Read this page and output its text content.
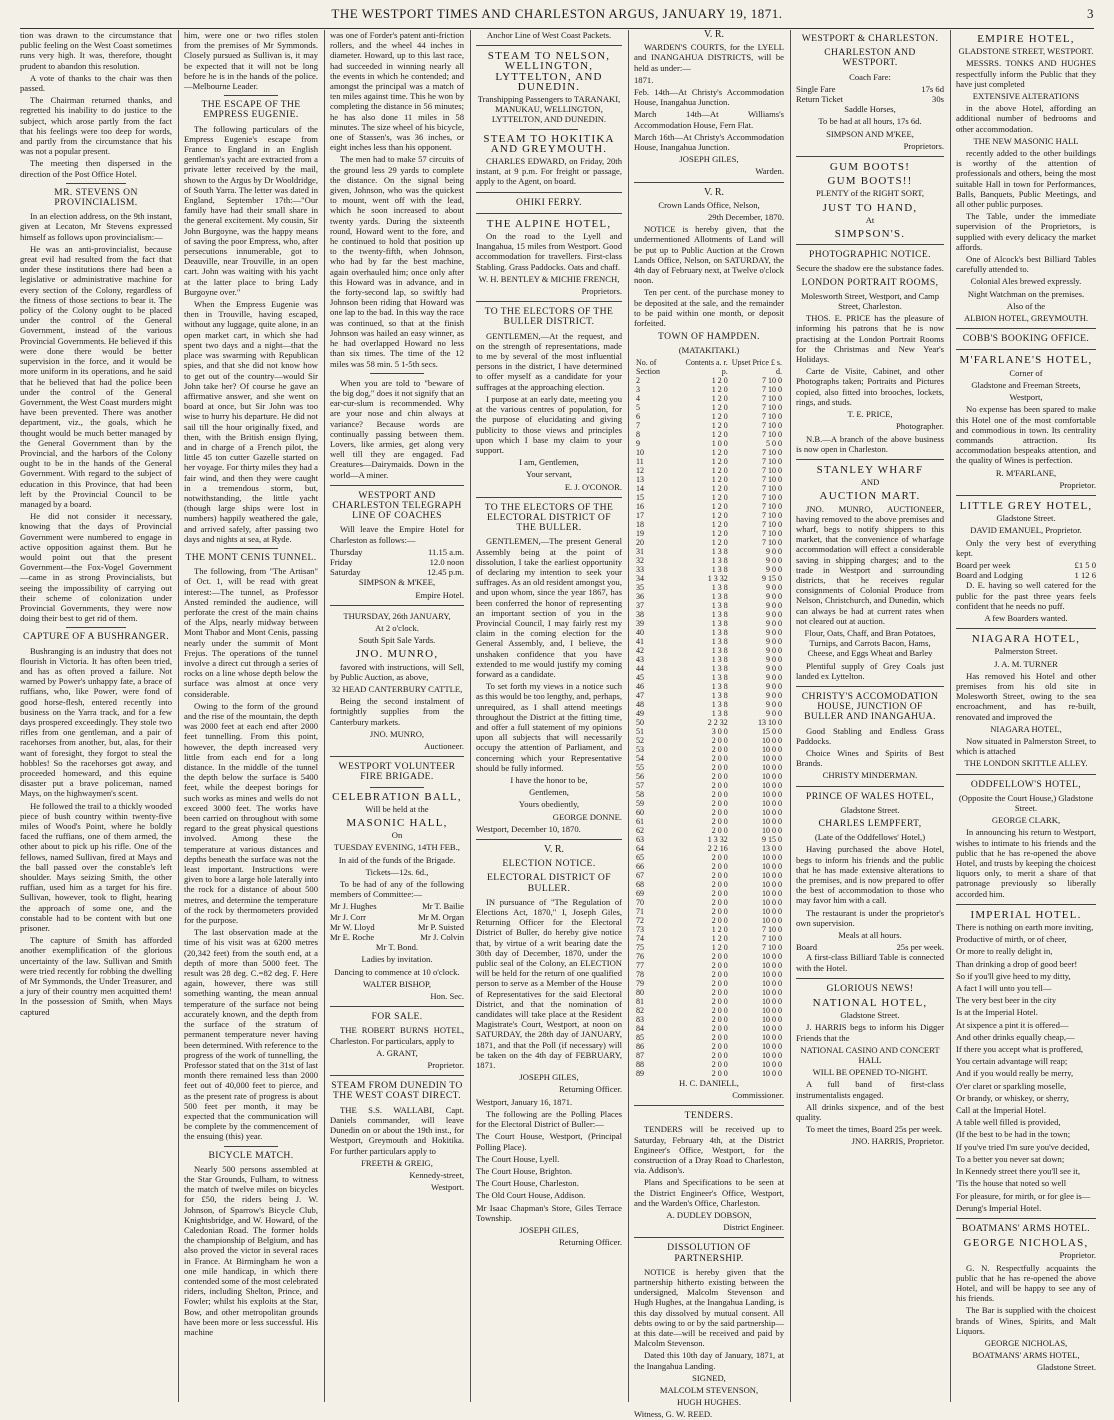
THE WESTPORT TIMES AND CHARLESTON ARGUS, JANUARY 19, 1871.	3

tion was drawn to the circumstance that public feeling on the West Coast sometimes runs very high. It was, therefore, thought prudent to abandon this resolution.

A vote of thanks to the chair was then passed.

The Chairman returned thanks, and regretted his inability to do justice to the subject, which arose partly from the fact that his feelings were too deep for words, and partly from the circumstance that his was not a popular present.

The meeting then dispersed in the direction of the Post Office Hotel.

MR. STEVENS ON PROVINCIALISM.

In an election address, on the 9th instant, given at Lecaton, Mr Stevens expressed himself as follows upon provincialism:—

He was an anti-provincialist, because great evil had resulted from the fact that under these institutions there had been a legislative or administrative machine for every section of the Colony, regardless of the fitness of those sections to bear it. The policy of the Colony ought to be placed under the control of the General Government, instead of the various Provincial Governments. He believed if this were done there would be better supervision in the force, and it would be more uniform in its operations, and he said that he believed that had the police been under the control of the General Government, the West Coast murders might have been prevented. There was another department, viz., the goals, which he thought would be much better managed by the General Government than by the Provincial, and the harbors of the Colony ought to be in the hands of the General Government. With regard to the subject of education in this Province, that had been left by the Provincial Council to be managed by a board.

He did not consider it necessary, knowing that the days of Provincial Government were numbered to engage in active opposition against them. But he would point out that the present Government—the Fox-Vogel Government—came in as strong Provincialists, but seeing the impossibility of carrying out their scheme of colonization under Provincial Governments, they were now doing their best to get rid of them.

CAPTURE OF A BUSHRANGER.

Bushranging is an industry that does not flourish in Victoria. It has often been tried, and has as often proved a failure. Not warned by Power's unhappy fate, a brace of ruffians, who, like Power, were fond of good horse-flesh, entered recently into business on the Yarra track, and for a few days prospered exceedingly. They stole two rifles from one gentleman, and a pair of racehorses from another, but, alas, for their want of foresight, they forgot to steal the hobbles! So the racehorses got away, and proceeded homeward, and this equine disaster put a brave policeman, named Mays, on the highwaymen's scent.

He followed the trail to a thickly wooded piece of bush country within twenty-five miles of Wood's Point, where he boldly faced the ruffians, one of them armed, the other about to pick up his rifle. One of the fellows, named Sullivan, fired at Mays and the ball passed over the constable's left shoulder. Mays seizing Smith, the other ruffian, used him as a target for his fire. Sullivan, however, took to flight, hearing the approach of some one, and the constable had to be content with but one prisoner.

The capture of Smith has afforded another exemplification of the glorious uncertainty of the law. Sullivan and Smith were tried recently for robbing the dwelling of Mr Symmonds, the Under Treasurer, and a jury of their country men acquitted them! In the possession of Smith, when Mays captured

him, were one or two rifles stolen from the premises of Mr Symmonds. Closely pursued as Sullivan is, it may be expected that it will not be long before he is in the hands of the police.—Melbourne Leader.

THE ESCAPE OF THE EMPRESS EUGENIE.

The following particulars of the Empress Eugenie's escape from France to England in an English gentleman's yacht are extracted from a private letter received by the mail, shown to the Argus by Dr Wooldridge, of South Yarra. The letter was dated in England, September 17th:—"Our family have had their small share in the general excitement. My cousin, Sir John Burgoyne, was the happy means of saving the poor Empress, who, after persecutions innumerable, got to Deauville, near Trouville, in an open cart. John was waiting with his yacht at the latter place to bring Lady Burgoyne over."

When the Empress Eugenie was then in Trouville, having escaped, without any luggage, quite alone, in an open market cart, in which she had spent two days and a night—that the place was swarming with Republican spies, and that she did not know how to get out of the country—would Sir John take her? Of course he gave an affirmative answer, and she went on board at once, but Sir John was too wise to hurry his departure. He did not sail till the hour originally fixed, and then, with the British ensign flying, and in charge of a French pilot, the little 45 ton cutter Gazelle started on her voyage. For thirty miles they had a fair wind, and then they were caught in a tremendous storm, but, notwithstanding, the little yacht (though large ships were lost in numbers) happily weathered the gale, and arrived safely, after passing two days and nights at sea, at Ryde.

THE MONT CENIS TUNNEL.

The following, from "The Artisan" of Oct. 1, will be read with great interest:—The tunnel, as Professor Ansted reminded the audience, will perforate the crest of the main chains of the Alps, nearly midway between Mont Thabor and Mont Cenis, passing nearly under the summit of Mont Frejus. The operations of the tunnel involve a direct cut through a series of rocks on a line whose depth below the surface was almost at once very considerable.

Owing to the form of the ground and the rise of the mountain, the depth was 2000 feet at each end after 2000 feet tunnelling. From this point, however, the depth increased very little from each end for a long distance. In the middle of the tunnel the depth below the surface is 5400 feet, while the deepest borings for such works as mines and wells do not exceed 3000 feet. The works have been carried on throughout with some regard to the great physical questions involved. Among these the temperature at various distances and depths beneath the surface was not the least important. Instructions were given to bore a large hole laterally into the rock for a distance of about 500 metres, and determine the temperature of the rock by thermometers provided for the purpose.

The last observation made at the time of his visit was at 6200 metres (20,342 feet) from the south end, at a depth of more than 5000 feet. The result was 28 deg. C.=82 deg. F. Here again, however, there was still something wanting, the mean annual temperature of the surface not being accurately known, and the depth from the surface of the stratum of permanent temperature never having been determined. With reference to the progress of the work of tunnelling, the Professor stated that on the 31st of last month there remained less than 2000 feet out of 40,000 feet to pierce, and as the present rate of progress is about 500 feet per month, it may be expected that the communication will be complete by the commencement of the ensuing (this) year.

BICYCLE MATCH.

Nearly 500 persons assembled at the Star Grounds, Fulham, to witness the match of twelve miles on bicycles for £50, the riders being J. W. Johnson, of Sparrow's Bicycle Club, Knightsbridge, and W. Howard, of the Caledonian Road. The former holds the championship of Belgium, and has also proved the victor in several races in France. At Birmingham he won a one mile handicap, in which there contended some of the most celebrated riders, including Shelton, Prince, and Fowler; whilst his exploits at the Star, Bow, and other metropolitan grounds have been more or less successful. His machine

was one of Forder's patent anti-friction rollers, and the wheel 44 inches in diameter. Howard, up to this last race, had succeeded in winning nearly all the events in which he contended; and amongst the principal was a match of ten miles against time. This he won by completing the distance in 56 minutes; he has also done 11 miles in 58 minutes. The size wheel of his bicycle, one of Stassen's, was 36 inches, or eight inches less than his opponent.

The men had to make 57 circuits of the ground less 29 yards to complete the distance. On the signal being given, Johnson, who was the quickest to mount, went off with the lead, which he soon increased to about twenty yards. During the sixteenth round, Howard went to the fore, and he continued to hold that position up to the twenty-fifth, when Johnson, who had by far the best machine, again overhauled him; once only after this Howard was in advance, and in the forty-second lap, so swiftly had Johnson been riding that Howard was one lap to the bad. In this way the race was continued, so that at the finish Johnson was hailed an easy winner, as he had overlapped Howard no less than six times. The time of the 12 miles was 58 min. 5 1-5th secs.

When you are told to "beware of the big dog," does it not signify that an ear-cur-slum is recommended. Why are your nose and chin always at variance? Because words are continually passing between them. Lovers, like armies, get along very well till they are engaged. Fad Creatures—Dairymaids. Down in the world—A miner.

WESTPORT AND CHARLESTON TELEGRAPH LINE OF COACHES

Will leave the Empire Hotel for Charleston as follows:—

Thursday	11.15 a.m.
Friday	12.0 noon
Saturday	12.45 p.m.

SIMPSON & M'KEE,

Empire Hotel.

THURSDAY, 26th JANUARY,

At 2 o'clock.

South Spit Sale Yards.

JNO. MUNRO,

favored with instructions, will Sell, by Public Auction, as above,

32 HEAD CANTERBURY CATTLE,

Being the second instalment of fortnightly supplies from the Canterbury markets.

JNO. MUNRO,

Auctioneer.

WESTPORT VOLUNTEER FIRE BRIGADE.

CELEBRATION BALL,

Will be held at the

MASONIC HALL,

On

TUESDAY EVENING, 14TH FEB.,

In aid of the funds of the Brigade.

Tickets—12s. 6d.,

To be had of any of the following members of Committee:—

Mr J. Hughes	Mr T. Bailie
Mr J. Corr	Mr M. Organ
Mr W. Lloyd	Mr P. Suisted
Mr E. Roche	Mr J. Colvin

Mr T. Bond.

Ladies by invitation.

Dancing to commence at 10 o'clock.

WALTER BISHOP,

Hon. Sec.

FOR SALE.

THE ROBERT BURNS HOTEL, Charleston. For particulars, apply to

A. GRANT,

Proprietor.

STEAM FROM DUNEDIN TO THE WEST COAST DIRECT.

THE S.S. WALLABI, Capt. Daniels commander, will leave Dunedin on or about the 19th inst., for Westport, Greymouth and Hokitika. For further particulars apply to

FREETH & GREIG,

Kennedy-street,

Westport.

Anchor Line of West Coast Packets.

STEAM TO NELSON, WELLINGTON, LYTTELTON, AND DUNEDIN.

Transhipping Passengers to TARANAKI, MANUKAU, WELLINGTON, LYTTELTON, AND DUNEDIN.

STEAM TO HOKITIKA AND GREYMOUTH.

CHARLES EDWARD, on Friday, 20th instant, at 9 p.m. For freight or passage, apply to the Agent, on board.

OHIKI FERRY.

THE ALPINE HOTEL,

On the road to the Lyell and Inangahua, 15 miles from Westport. Good accommodation for travellers. First-class Stabling. Grass Paddocks. Oats and chaff.

W. H. BENTLEY & MICHIE FRENCH,

Proprietors.

TO THE ELECTORS OF THE BULLER DISTRICT.

GENTLEMEN,—At the request, and on the strength of representations, made to me by several of the most influential persons in the district, I have determined to offer myself as a candidate for your suffrages at the approaching election.

I purpose at an early date, meeting you at the various centres of population, for the purpose of elucidating and giving publicity to those views and principles upon which I base my claim to your support.

I am, Gentlemen,

Your servant,

E. J. O'CONOR.

TO THE ELECTORS OF THE ELECTORAL DISTRICT OF THE BULLER.

GENTLEMEN,—The present General Assembly being at the point of dissolution, I take the earliest opportunity of declaring my intention to seek your suffrages. As an old resident amongst you, and upon whom, since the year 1867, has been conferred the honor of representing an important section of you in the Provincial Council, I may fairly rest my claim in the coming election for the General Assembly, and, I believe, the unshaken confidence that you have extended to me would justify my coming forward as a candidate.

To set forth my views in a notice such as this would be too lengthy, and, perhaps, unrequired, as I shall attend meetings throughout the District at the fitting time, and offer a full statement of my opinions upon all subjects that will necessarily occupy the attention of Parliament, and concerning which your Representative should be fully informed.

I have the honor to be,

Gentlemen,

Yours obediently,

GEORGE DONNE.

Westport, December 10, 1870.

V. R.

ELECTION NOTICE.

ELECTORAL DISTRICT OF BULLER.

IN pursuance of "The Regulation of Elections Act, 1870," I, Joseph Giles, Returning Officer for the Electoral District of Buller, do hereby give notice that, by virtue of a writ bearing date the 30th day of December, 1870, under the public seal of the Colony, an ELECTION will be held for the return of one qualified person to serve as a Member of the House of Representatives for the said Electoral District, and that the nomination of candidates will take place at the Resident Magistrate's Court, Westport, at noon on SATURDAY, the 28th day of JANUARY, 1871, and that the Poll (if necessary) will be taken on the 4th day of FEBRUARY, 1871.

JOSEPH GILES,

Returning Officer.

Westport, January 16, 1871.

The following are the Polling Places for the Electoral District of Buller:—

The Court House, Westport, (Principal Polling Place).

The Court House, Lyell.

The Court House, Brighton.

The Court House, Charleston.

The Old Court House, Addison.

Mr Isaac Chapman's Store, Giles Terrace Township.

JOSEPH GILES,

Returning Officer.

V. R.

WARDEN'S COURTS, for the LYELL and INANGAHUA DISTRICTS, will be held as under:—

1871.

Feb. 14th—At Christy's Accommodation House, Inangahua Junction.

March 14th—At Williams's Accommodation House, Fern Flat.

March 16th—At Christy's Accommodation House, Inangahua Junction.

JOSEPH GILES,

Warden.

V. R.

Crown Lands Office, Nelson,

29th December, 1870.

NOTICE is hereby given, that the undermentioned Allotments of Land will be put up to Public Auction at the Crown Lands Office, Nelson, on SATURDAY, the 4th day of February next, at Twelve o'clock noon.

Ten per cent. of the purchase money to be deposited at the sale, and the remainder to be paid within one month, or deposit forfeited.

TOWN OF HAMPDEN.

(MATAKITAKI.)

No. of Section	Contents a. r. p.	Upset Price £ s. d.
2	1 2 0	7 10 0
3	1 2 0	7 10 0
4	1 2 0	7 10 0
5	1 2 0	7 10 0
6	1 2 0	7 10 0
7	1 2 0	7 10 0
8	1 2 0	7 10 0
9	1 0 0	5 0 0
10	1 2 0	7 10 0
11	1 2 0	7 10 0
12	1 2 0	7 10 0
13	1 2 0	7 10 0
14	1 2 0	7 10 0
15	1 2 0	7 10 0
16	1 2 0	7 10 0
17	1 2 0	7 10 0
18	1 2 0	7 10 0
19	1 2 0	7 10 0
20	1 2 0	7 10 0
31	1 3 8	9 0 0
32	1 3 8	9 0 0
33	1 3 8	9 0 0
34	1 3 32	9 15 0
35	1 3 8	9 0 0
36	1 3 8	9 0 0
37	1 3 8	9 0 0
38	1 3 8	9 0 0
39	1 3 8	9 0 0
40	1 3 8	9 0 0
41	1 3 8	9 0 0
42	1 3 8	9 0 0
43	1 3 8	9 0 0
44	1 3 8	9 0 0
45	1 3 8	9 0 0
46	1 3 8	9 0 0
47	1 3 8	9 0 0
48	1 3 8	9 0 0
49	1 3 8	9 0 0
50	2 2 32	13 10 0
51	3 0 0	15 0 0
52	2 0 0	10 0 0
53	2 0 0	10 0 0
54	2 0 0	10 0 0
55	2 0 0	10 0 0
56	2 0 0	10 0 0
57	2 0 0	10 0 0
58	2 0 0	10 0 0
59	2 0 0	10 0 0
60	2 0 0	10 0 0
61	2 0 0	10 0 0
62	2 0 0	10 0 0
63	1 3 32	9 15 0
64	2 2 16	13 0 0
65	2 0 0	10 0 0
66	2 0 0	10 0 0
67	2 0 0	10 0 0
68	2 0 0	10 0 0
69	2 0 0	10 0 0
70	2 0 0	10 0 0
71	2 0 0	10 0 0
72	2 0 0	10 0 0
73	1 2 0	7 10 0
74	1 2 0	7 10 0
75	1 2 0	7 10 0
76	2 0 0	10 0 0
77	2 0 0	10 0 0
78	2 0 0	10 0 0
79	2 0 0	10 0 0
80	2 0 0	10 0 0
81	2 0 0	10 0 0
82	2 0 0	10 0 0
83	2 0 0	10 0 0
84	2 0 0	10 0 0
85	2 0 0	10 0 0
86	2 0 0	10 0 0
87	2 0 0	10 0 0
88	2 0 0	10 0 0
89	2 0 0	10 0 0

H. C. DANIELL,

Commissioner.

TENDERS.

TENDERS will be received up to Saturday, February 4th, at the District Engineer's Office, Westport, for the construction of a Dray Road to Charleston, via. Addison's.

Plans and Specifications to be seen at the District Engineer's Office, Westport, and the Warden's Office, Charleston.

A. DUDLEY DOBSON,

District Engineer.

DISSOLUTION OF PARTNERSHIP.

NOTICE is hereby given that the partnership hitherto existing between the undersigned, Malcolm Stevenson and Hugh Hughes, at the Inangahua Landing, is this day dissolved by mutual consent. All debts owing to or by the said partnership—at this date—will be received and paid by Malcolm Stevenson.

Dated this 10th day of January, 1871, at the Inangahua Landing.

SIGNED,

MALCOLM STEVENSON,

HUGH HUGHES.

Witness, G. W. REED.

WESTPORT & CHARLESTON.

CHARLESTON AND WESTPORT.

Coach Fare:

Single Fare	17s 6d
Return Ticket	30s

Saddle Horses,

To be had at all hours, 17s 6d.

SIMPSON AND M'KEE,

Proprietors.

GUM BOOTS!

GUM BOOTS!!

PLENTY of the RIGHT SORT,

JUST TO HAND,

At

SIMPSON'S.

PHOTOGRAPHIC NOTICE.

Secure the shadow ere the substance fades.

LONDON PORTRAIT ROOMS,

Molesworth Street, Westport, and Camp Street, Charleston.

THOS. E. PRICE has the pleasure of informing his patrons that he is now practising at the London Portrait Rooms for the Christmas and New Year's Holidays.

Carte de Visite, Cabinet, and other Photographs taken; Portraits and Pictures copied, also fitted into brooches, lockets, rings, and studs.

T. E. PRICE,

Photographer.

N.B.—A branch of the above business is now open in Charleston.

STANLEY WHARF

AND

AUCTION MART.

JNO. MUNRO, AUCTIONEER, having removed to the above premises and wharf, begs to notify shippers to this market, that the convenience of wharfage accommodation will effect a considerable saving in shipping charges; and to the trade in Westport and surrounding districts, that he receives regular consignments of Colonial Produce from Nelson, Christchurch, and Dunedin, which can always be had at current rates when not cleared out at auction.

Flour, Oats, Chaff, and Bran Potatoes, Turnips, and Carrots Bacon, Hams, Cheese, and Eggs Wheat and Barley

Plentiful supply of Grey Coals just landed ex Lyttelton.

CHRISTY'S ACCOMODATION HOUSE, JUNCTION OF BULLER AND INANGAHUA.

Good Stabling and Endless Grass Paddocks.

Choice Wines and Spirits of Best Brands.

CHRISTY MINDERMAN.

PRINCE OF WALES HOTEL,

Gladstone Street.

CHARLES LEMPFERT,

(Late of the Oddfellows' Hotel,)

Having purchased the above Hotel, begs to inform his friends and the public that he has made extensive alterations to the premises, and is now prepared to offer the best of accommodation to those who may favor him with a call.

The restaurant is under the proprietor's own supervision.

Meals at all hours.

Board	25s per week.

A first-class Billiard Table is connected with the Hotel.

GLORIOUS NEWS!

NATIONAL HOTEL,

Gladstone Street.

J. HARRIS begs to inform his Digger Friends that the

NATIONAL CASINO AND CONCERT HALL

WILL BE OPENED TO-NIGHT.

A full band of first-class instrumentalists engaged.

All drinks sixpence, and of the best quality.

To meet the times, Board 25s per week.

JNO. HARRIS, Proprietor.

EMPIRE HOTEL,

GLADSTONE STREET, WESTPORT.

MESSRS. TONKS AND HUGHES respectfully inform the Public that they have just completed

EXTENSIVE ALTERATIONS

in the above Hotel, affording an additional number of bedrooms and other accommodation.

THE NEW MASONIC HALL

recently added to the other buildings is worthy of the attention of professionals and others, being the most suitable Hall in town for Performances, Balls, Banquets, Public Meetings, and all other public purposes.

The Table, under the immediate supervision of the Proprietors, is supplied with every delicacy the market affords.

One of Alcock's best Billiard Tables carefully attended to.

Colonial Ales brewed expressly.

Night Watchman on the premises.

Also of the

ALBION HOTEL, GREYMOUTH.

COBB'S BOOKING OFFICE.

M'FARLANE'S HOTEL,

Corner of

Gladstone and Freeman Streets,

Westport,

No expense has been spared to make this Hotel one of the most comfortable and commodious in town. Its centrality commands attraction. Its accommodation bespeaks attention, and the quality of Wines is perfection.

R. M'FARLANE,

Proprietor.

LITTLE GREY HOTEL,

Gladstone Street.

DAVID EMANUEL, Proprietor.

Only the very best of everything kept.

Board per week	£1 5 0
Board and Lodging	1 12 6

D. E. having so well catered for the public for the past three years feels confident that he needs no puff.

A few Boarders wanted.

NIAGARA HOTEL,

Palmerston Street.

J. A. M. TURNER

Has removed his Hotel and other premises from his old site in Molesworth Street, owing to the sea encroachment, and has re-built, renovated and improved the

NIAGARA HOTEL,

Now situated in Palmerston Street, to which is attached

THE LONDON SKITTLE ALLEY.

ODDFELLOW'S HOTEL,

(Opposite the Court House,) Gladstone Street.

GEORGE CLARK,

In announcing his return to Westport, wishes to intimate to his friends and the public that he has re-opened the above Hotel, and trusts by keeping the choicest liquors only, to merit a share of that patronage previously so liberally accorded him.

IMPERIAL HOTEL.

There is nothing on earth more inviting,

Productive of mirth, or of cheer,

Or more to really delight in,

Than drinking a drop of good beer!

So if you'll give heed to my ditty,

A fact I will unto you tell—

The very best beer in the city

Is at the Imperial Hotel.

At sixpence a pint it is offered—

And other drinks equally cheap,—

If there you accept what is proffered,

You certain advantage will reap;

And if you would really be merry,

O'er claret or sparkling moselle,

Or brandy, or whiskey, or sherry,

Call at the Imperial Hotel.

A table well filled is provided,

(If the best to be had in the town;

If you've tried I'm sure you've decided,

To a better you never sat down;

In Kennedy street there you'll see it,

'Tis the house that noted so well

For pleasure, for mirth, or for glee is—

Derung's Imperial Hotel.

BOATMANS' ARMS HOTEL.

GEORGE NICHOLAS,

Proprietor.

G. N. Respectfully acquaints the public that he has re-opened the above Hotel, and will be happy to see any of his friends.

The Bar is supplied with the choicest brands of Wines, Spirits, and Malt Liquors.

GEORGE NICHOLAS,

BOATMANS' ARMS HOTEL,

Gladstone Street.
